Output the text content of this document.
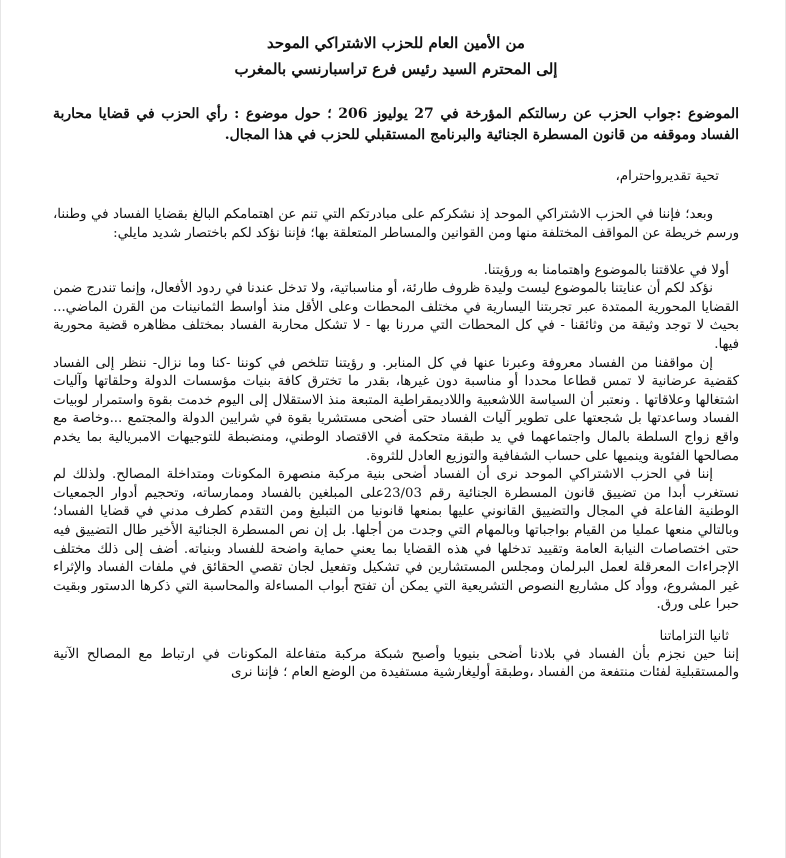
من الأمين العام للحزب الاشتراكي الموحد
إلى المحترم السيد رئيس فرع تراسبارنسي بالمغرب
الموضوع :جواب الحزب عن رسالتكم المؤرخة في 27 يوليوز 206 ؛ حول موضوع : رأي الحزب في قضايا محاربة الفساد وموقفه من قانون المسطرة الجنائية والبرنامج المستقبلي للحزب في هذا المجال.
تحية تقديرواحترام،

وبعد؛ فإننا في الحزب الاشتراكي الموحد إذ نشكركم على مبادرتكم التي تنم عن اهتمامكم البالغ بقضايا الفساد في وطننا، ورسم خريطة عن المواقف المختلفة منها ومن القوانين والمساطر المتعلقة بها؛ فإننا نؤكد لكم باختصار شديد مايلي:

أولا في علاقتنا بالموضوع واهتمامنا به ورؤيتنا.

نؤكد لكم أن عنايتنا بالموضوع ليست وليدة ظروف طارئة، أو مناسباتية، ولا تدخل عندنا في ردود الأفعال، وإنما تندرج ضمن القضايا المحورية الممتدة عبر تجربتنا اليسارية في مختلف المحطات وعلى الأقل منذ أواسط الثمانينات من القرن الماضي... بحيث لا توجد وثيقة من وثائقنا - في كل المحطات التي مررنا بها - لا تشكل محاربة الفساد بمختلف مظاهره قضية محورية فيها.

إن مواقفنا من الفساد معروفة وعبرنا عنها في كل المنابر. و رؤيتنا تتلخص في كوننا -كنا وما نزال- ننظر إلى الفساد كقضية عرضانية لا تمس قطاعا محددا أو مناسبة دون غيرها، بقدر ما تخترق كافة بنيات مؤسسات الدولة وحلقاتها وآليات اشتغالها وعلاقاتها . ونعتبر أن السياسة اللاشعبية واللاديمقراطية المتبعة منذ الاستقلال إلى اليوم خدمت بقوة واستمرار لوبيات الفساد وساعدتها بل شجعتها على تطوير آليات الفساد حتى أضحى مستشريا بقوة في شرايين الدولة والمجتمع ...وخاصة مع واقع زواج السلطة بالمال واجتماعهما في يد طبقة متحكمة في الاقتصاد الوطني، ومنضبطة للتوجيهات الامبريالية بما يخدم مصالحها الفئوية وينميها على حساب الشفافية والتوزيع العادل للثروة.

إننا في الحزب الاشتراكي الموحد نرى أن الفساد أضحى بنية مركبة منصهرة المكونات ومتداخلة المصالح. ولذلك لم نستغرب أبدا من تضييق قانون المسطرة الجنائية رقم 23/03على المبلغين بالفساد وممارساته، وتحجيم أدوار الجمعيات الوطنية الفاعلة في المجال والتضييق القانوني عليها بمنعها قانونيا من التبليغ ومن التقدم كطرف مدني في قضايا الفساد؛ وبالتالي منعها عمليا من القيام بواجباتها وبالمهام التي وجدت من أجلها. بل إن نص المسطرة الجنائية الأخير طال التضييق فيه حتى اختصاصات النيابة العامة وتقييد تدخلها في هذه القضايا بما يعني حماية واضحة للفساد وبنياته. أضف إلى ذلك مختلف الإجراءات المعرقلة لعمل البرلمان ومجلس المستشارين في تشكيل وتفعيل لجان تقصي الحقائق في ملفات الفساد والإثراء غير المشروع، ووأد كل مشاريع النصوص التشريعية التي يمكن أن تفتح أبواب المساءلة والمحاسبة التي ذكرها الدستور وبقيت حبرا على ورق.

ثانيا التزاماتنا

إننا حين نجزم بأن الفساد في بلادنا أضحى بنيويا وأصبح شبكة مركبة متفاعلة المكونات في ارتباط مع المصالح الآنية والمستقبلية لفئات منتفعة من الفساد ،وطبقة أوليغارشية مستفيدة من الوضع العام ؛ فإننا نرى
